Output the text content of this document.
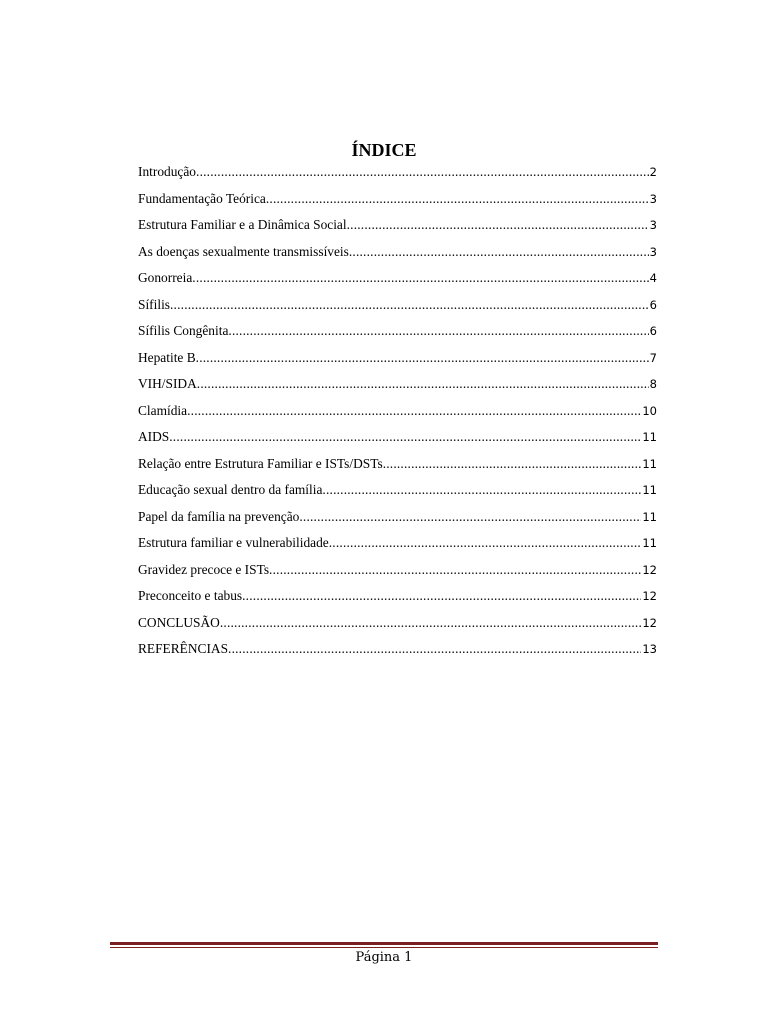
ÍNDICE
Introdução .....	2
Fundamentação Teórica .....	3
Estrutura Familiar e a Dinâmica Social .....	3
As doenças sexualmente transmissíveis .....	3
Gonorreia .....	4
Sífilis .....	6
Sífilis Congênita .....	6
Hepatite B .....	7
VIH/SIDA .....	8
Clamídia .....	10
AIDS .....	11
Relação entre Estrutura Familiar e ISTs/DSTs .....	11
Educação sexual dentro da família .....	11
Papel da família na prevenção .....	11
Estrutura familiar e vulnerabilidade .....	11
Gravidez precoce e ISTs .....	12
Preconceito e tabus .....	12
CONCLUSÃO .....	12
REFERÊNCIAS .....	13
Página 1
